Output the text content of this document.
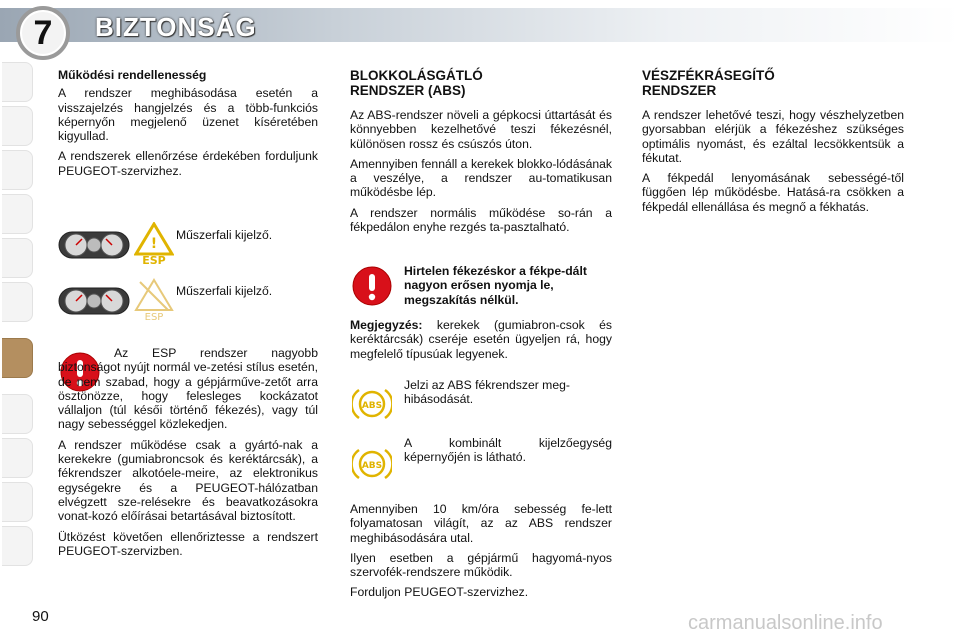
7	BIZTONSÁG
Működési rendellenesség

A rendszer meghibásodása esetén a visszajelzés hangjelzés és a több-funkciós képernyőn megjelenő üzenet kíséretében kigyullad.

A rendszerek ellenőrzése érdekében forduljunk PEUGEOT-szervizhez.

!
ESP
Műszerfali kijelző.
ESP
Műszerfali kijelző.

Az ESP rendszer nagyobb biztonságot nyújt normál ve-zetési stílus esetén, de nem szabad, hogy a gépjárműve-zetőt arra ösztönözze, hogy felesleges kockázatot vállaljon (túl késői történő fékezés), vagy túl nagy sebességgel közlekedjen.

A rendszer működése csak a gyártó-nak a kerekekre (gumiabroncsok és keréktárcsák), a fékrendszer alkotóele-meire, az elektronikus egységekre és a PEUGEOT-hálózatban elvégzett sze-relésekre és beavatkozásokra vonat-kozó előírásai betartásával biztosított.

Ütközést követően ellenőriztesse a rendszert PEUGEOT-szervizben.

BLOKKOLÁSGÁTLÓ
RENDSZER (ABS)

Az ABS-rendszer növeli a gépkocsi úttartását és könnyebben kezelhetővé teszi fékezésnél, különösen rossz és csúszós úton.

Amennyiben fennáll a kerekek blokko-lódásának a veszélye, a rendszer au-tomatikusan működésbe lép.

A rendszer normális működése so-rán a fékpedálon enyhe rezgés ta-pasztalható.

Hirtelen fékezéskor a fékpe-dált nagyon erősen nyomja le, megszakítás nélkül.

Megjegyzés: kerekek (gumiabron-csok és keréktárcsák) cseréje esetén ügyeljen rá, hogy megfelelő típusúak legyenek.

ABS
Jelzi az ABS fékrendszer meg-hibásodását.
ABS
A kombinált kijelzőegység képernyőjén is látható.

Amennyiben 10 km/óra sebesség fe-lett folyamatosan világít, az az ABS rendszer meghibásodására utal.

Ilyen esetben a gépjármű hagyomá-nyos szervofék-rendszere működik.

Forduljon PEUGEOT-szervizhez.

VÉSZFÉKRÁSEGÍTŐ
RENDSZER

A rendszer lehetővé teszi, hogy vészhelyzetben gyorsabban elérjük a fékezéshez szükséges optimális nyomást, és ezáltal lecsökkentsük a fékutat.

A fékpedál lenyomásának sebességé-től függően lép működésbe. Hatásá-ra csökken a fékpedál ellenállása és megnő a fékhatás.

90	carmanualsonline.info
